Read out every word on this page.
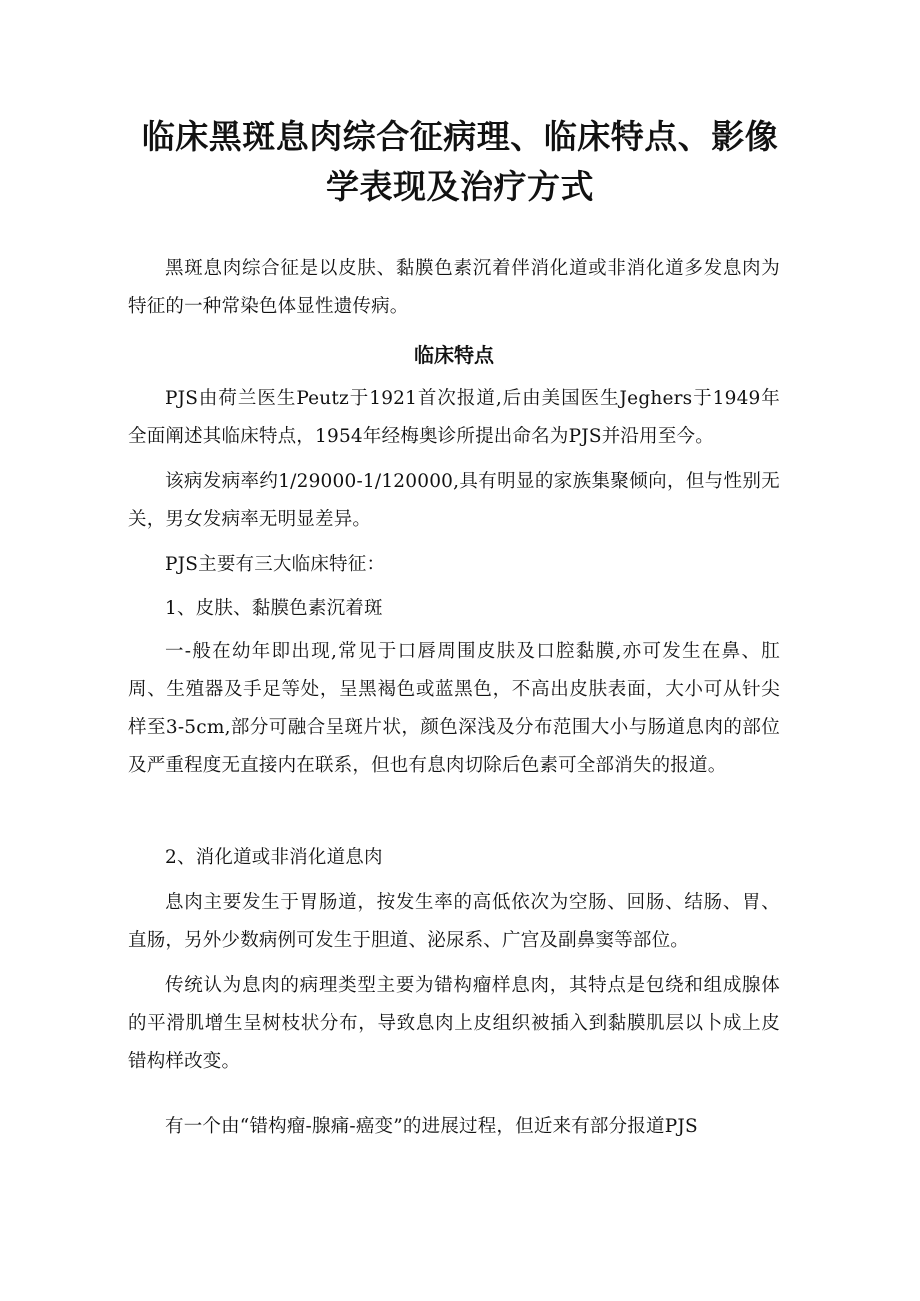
临床黑斑息肉综合征病理、临床特点、影像
学表现及治疗方式

黑斑息肉综合征是以皮肤、黏膜色素沉着伴消化道或非消化道多发息肉为特征的一种常染色体显性遗传病。

临床特点

PJS由荷兰医生Peutz于1921首次报道,后由美国医生Jeghers于1949年全面阐述其临床特点，1954年经梅奥诊所提出命名为PJS并沿用至今。

该病发病率约1/29000-1/120000,具有明显的家族集聚倾向，但与性别无关，男女发病率无明显差异。

PJS主要有三大临床特征：

1、皮肤、黏膜色素沉着斑

一-般在幼年即出现,常见于口唇周围皮肤及口腔黏膜,亦可发生在鼻、肛周、生殖器及手足等处，呈黑褐色或蓝黑色，不高出皮肤表面，大小可从针尖样至3-5cm,部分可融合呈斑片状，颜色深浅及分布范围大小与肠道息肉的部位及严重程度无直接内在联系，但也有息肉切除后色素可全部消失的报道。

2、消化道或非消化道息肉

息肉主要发生于胃肠道，按发生率的高低依次为空肠、回肠、结肠、胃、直肠，另外少数病例可发生于胆道、泌尿系、广宫及副鼻窦等部位。

传统认为息肉的病理类型主要为错构瘤样息肉，其特点是包绕和组成腺体的平滑肌增生呈树枝状分布，导致息肉上皮组织被插入到黏膜肌层以卜成上皮错构样改变。

有一个由“错构瘤-腺痛-癌变”的进展过程，但近来有部分报道PJS
